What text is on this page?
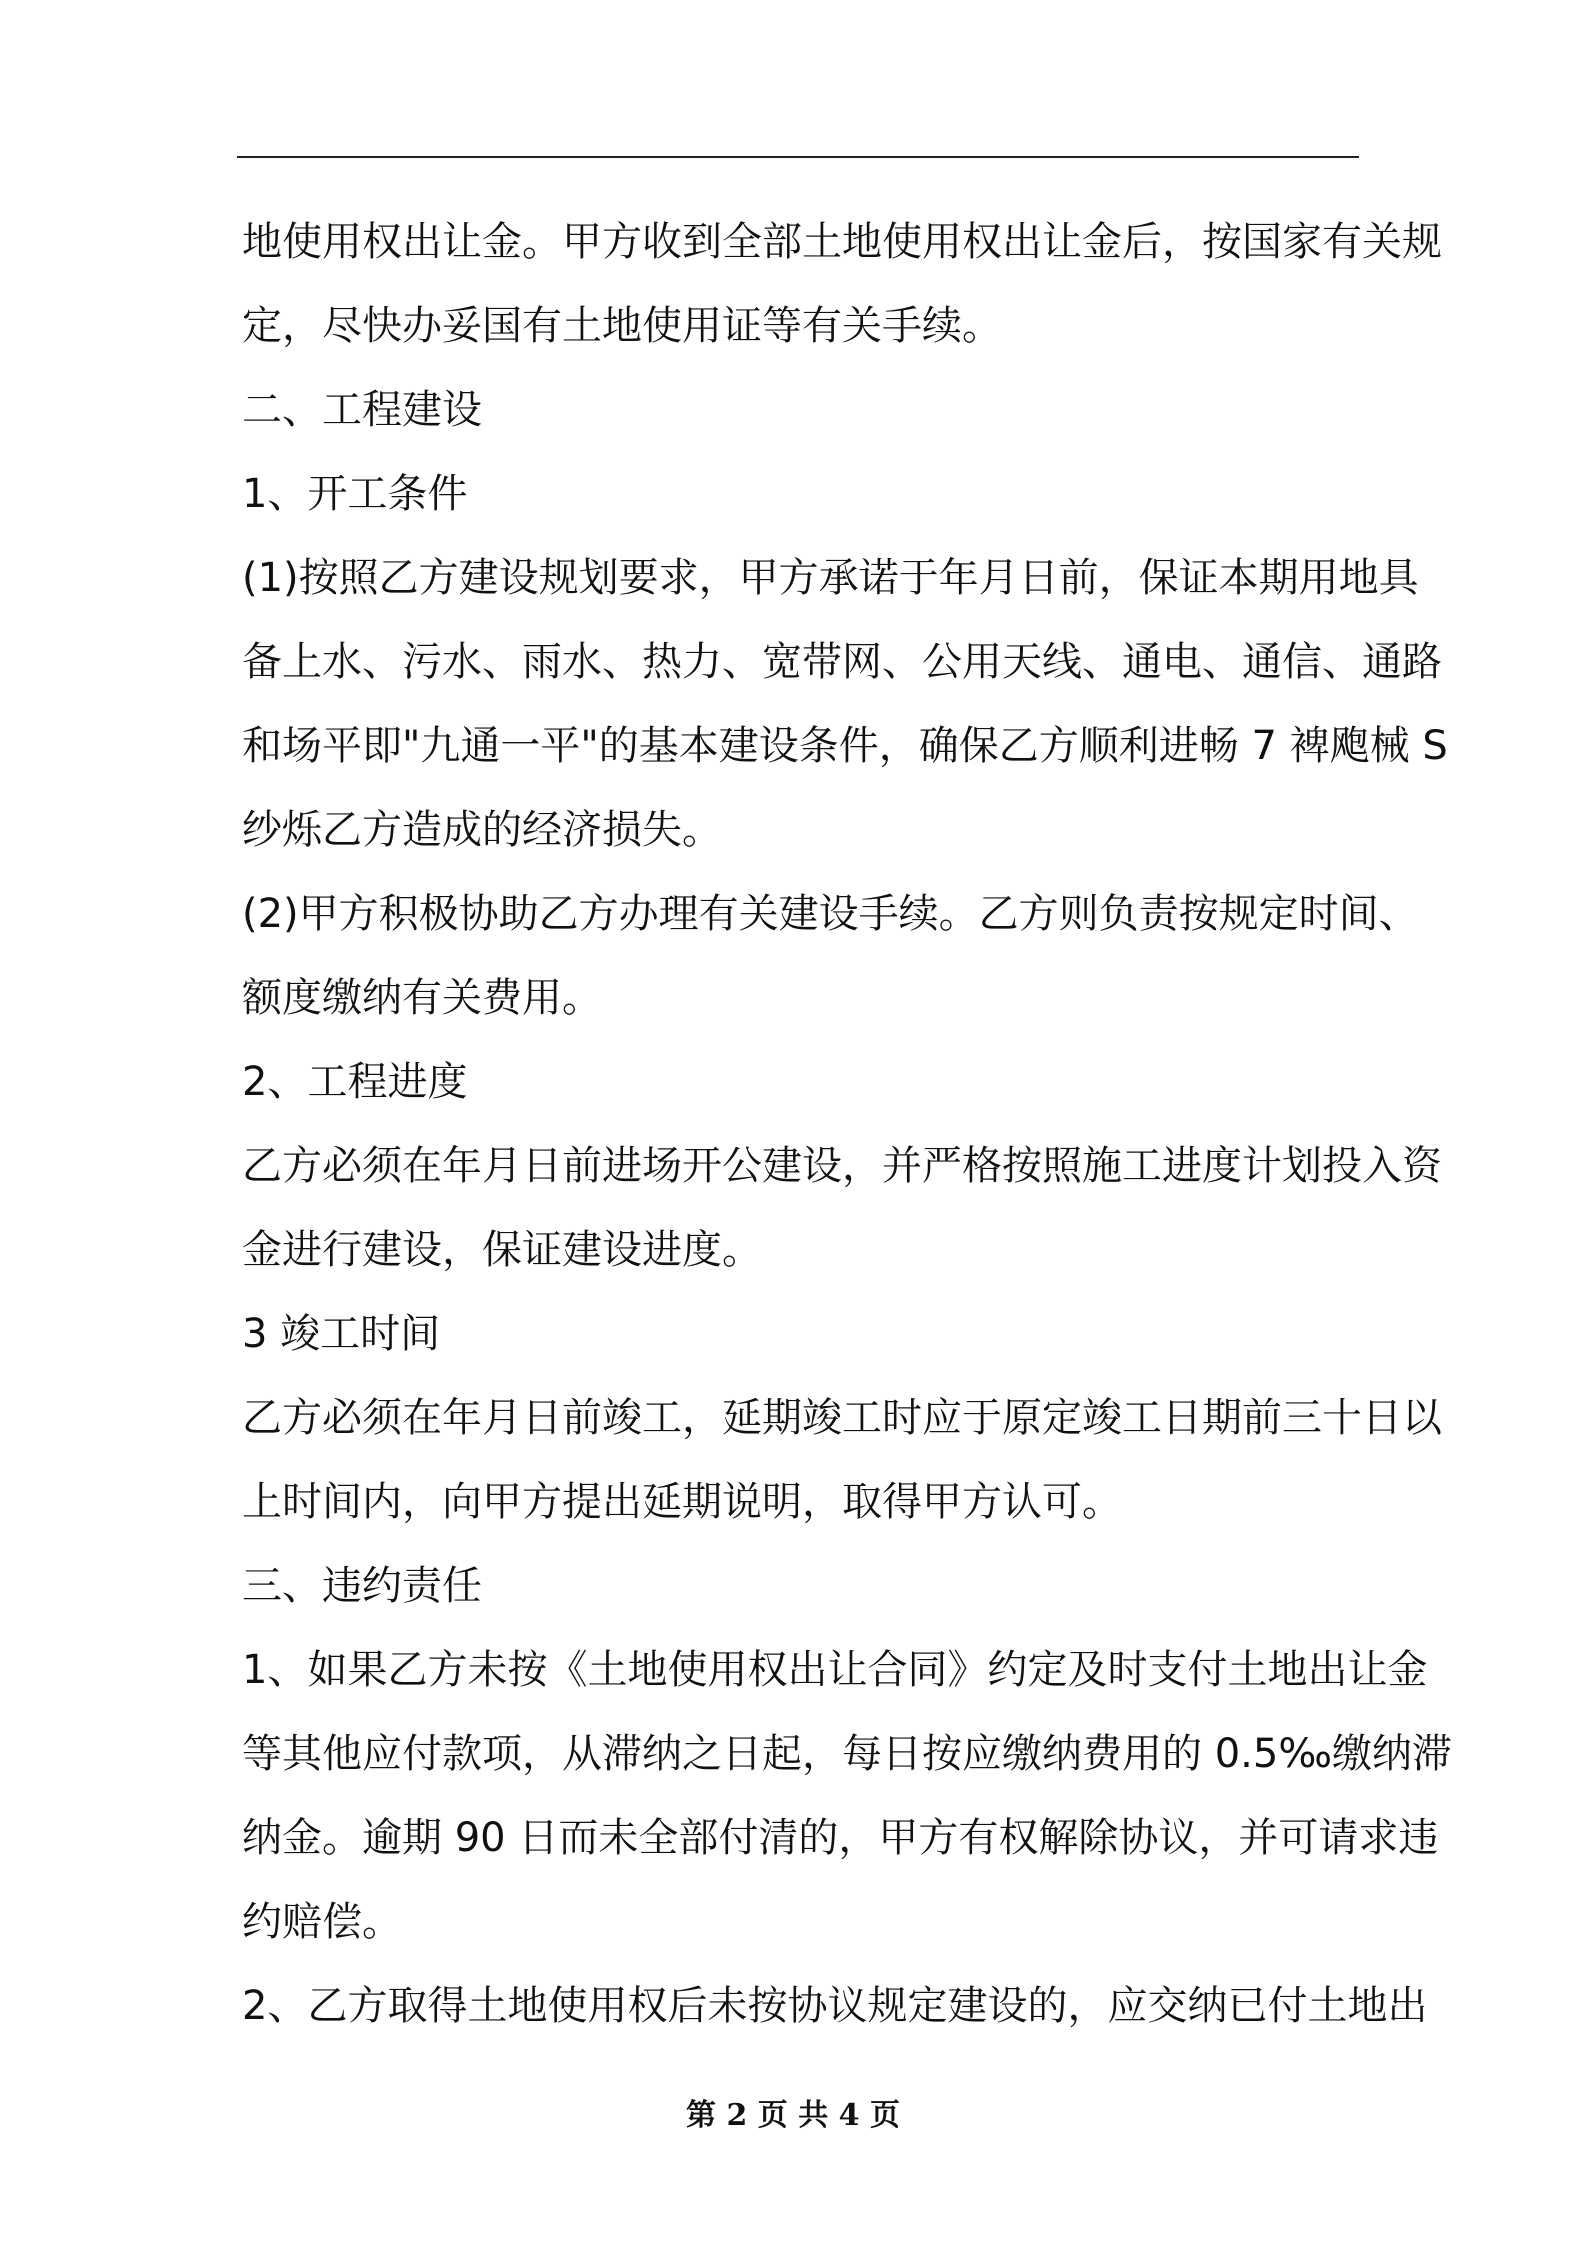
地使用权出让金。甲方收到全部土地使用权出让金后，按国家有关规
定，尽快办妥国有土地使用证等有关手续。
二、工程建设
1、开工条件
(1)按照乙方建设规划要求，甲方承诺于年月日前，保证本期用地具
备上水、污水、雨水、热力、宽带网、公用天线、通电、通信、通路
和场平即"九通一平"的基本建设条件，确保乙方顺利进畅 7 裨飑械 S
纱烁乙方造成的经济损失。
(2)甲方积极协助乙方办理有关建设手续。乙方则负责按规定时间、
额度缴纳有关费用。
2、工程进度
乙方必须在年月日前进场开公建设，并严格按照施工进度计划投入资
金进行建设，保证建设进度。
3 竣工时间
乙方必须在年月日前竣工，延期竣工时应于原定竣工日期前三十日以
上时间内，向甲方提出延期说明，取得甲方认可。
三、违约责任
1、如果乙方未按《土地使用权出让合同》约定及时支付土地出让金
等其他应付款项，从滞纳之日起，每日按应缴纳费用的 0.5‰缴纳滞
纳金。逾期 90 日而未全部付清的，甲方有权解除协议，并可请求违
约赔偿。
2、乙方取得土地使用权后未按协议规定建设的，应交纳已付土地出
第 2 页 共 4 页
